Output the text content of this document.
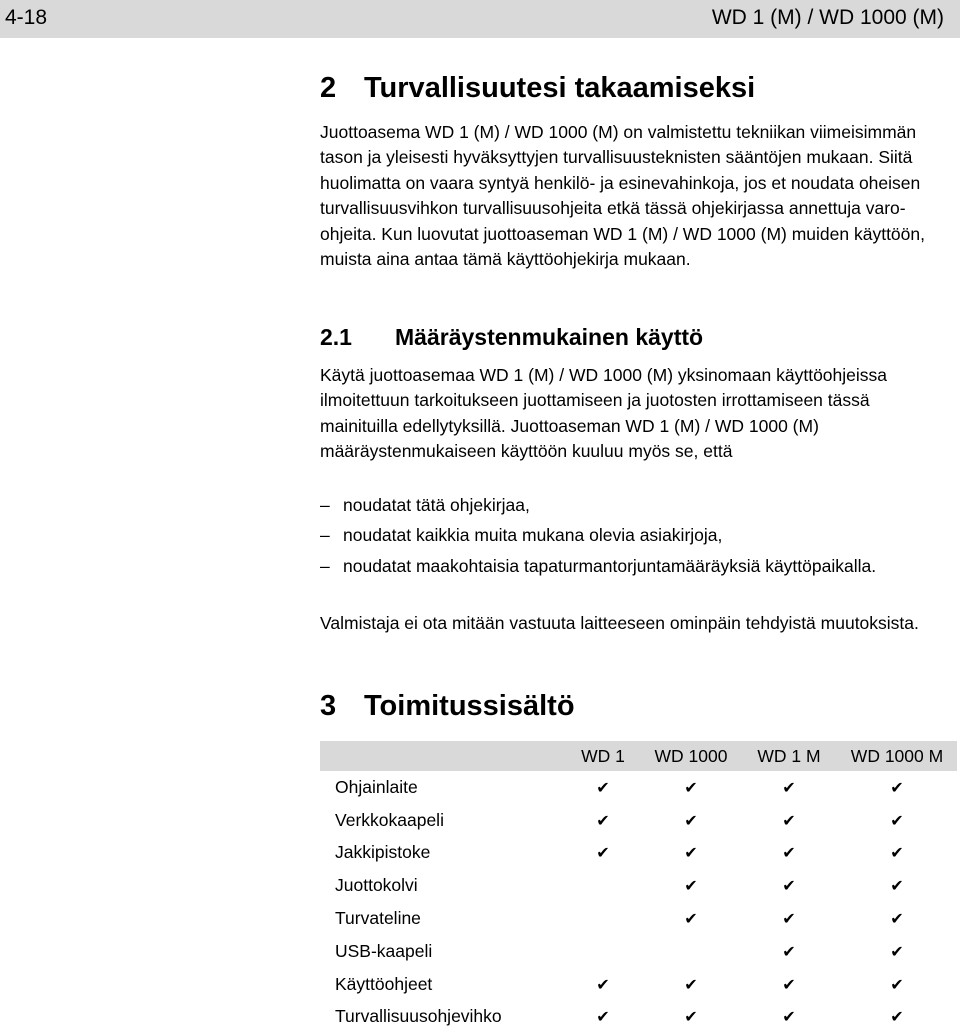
4-18	WD 1 (M) / WD 1000 (M)
2 Turvallisuutesi takaamiseksi

Juottoasema WD 1 (M) / WD 1000 (M) on valmistettu tekniikan viimeisimmän tason ja yleisesti hyväksyttyjen turvallisuusteknisten sääntöjen mukaan. Siitä huolimatta on vaara syntyä henkilö- ja esinevahinkoja, jos et noudata oheisen turvallisuusvihkon turvallisuusohjeita etkä tässä ohjekirjassa annettuja varo-ohjeita. Kun luovutat juottoaseman WD 1 (M) / WD 1000 (M) muiden käyttöön, muista aina antaa tämä käyttöohjekirja mukaan.

2.1 Määräystenmukainen käyttö

Käytä juottoasemaa WD 1 (M) / WD 1000 (M) yksinomaan käyttöohjeissa ilmoitettuun tarkoitukseen juottamiseen ja juotosten irrottamiseen tässä mainituilla edellytyksillä. Juottoaseman WD 1 (M) / WD 1000 (M) määräystenmukaiseen käyttöön kuuluu myös se, että

– noudatat tätä ohjekirjaa,
– noudatat kaikkia muita mukana olevia asiakirjoja,
– noudatat maakohtaisia tapaturmantorjuntamääräyksiä käyttöpaikalla.

Valmistaja ei ota mitään vastuuta laitteeseen ominpäin tehdyistä muutoksista.

3 Toimitussisältö
	WD 1	WD 1000	WD 1 M	WD 1000 M
Ohjainlaite	✔	✔	✔	✔
Verkkokaapeli	✔	✔	✔	✔
Jakkipistoke	✔	✔	✔	✔
Juottokolvi		✔	✔	✔
Turvateline		✔	✔	✔
USB-kaapeli			✔	✔
Käyttöohjeet	✔	✔	✔	✔
Turvallisuusohjevihko	✔	✔	✔	✔
